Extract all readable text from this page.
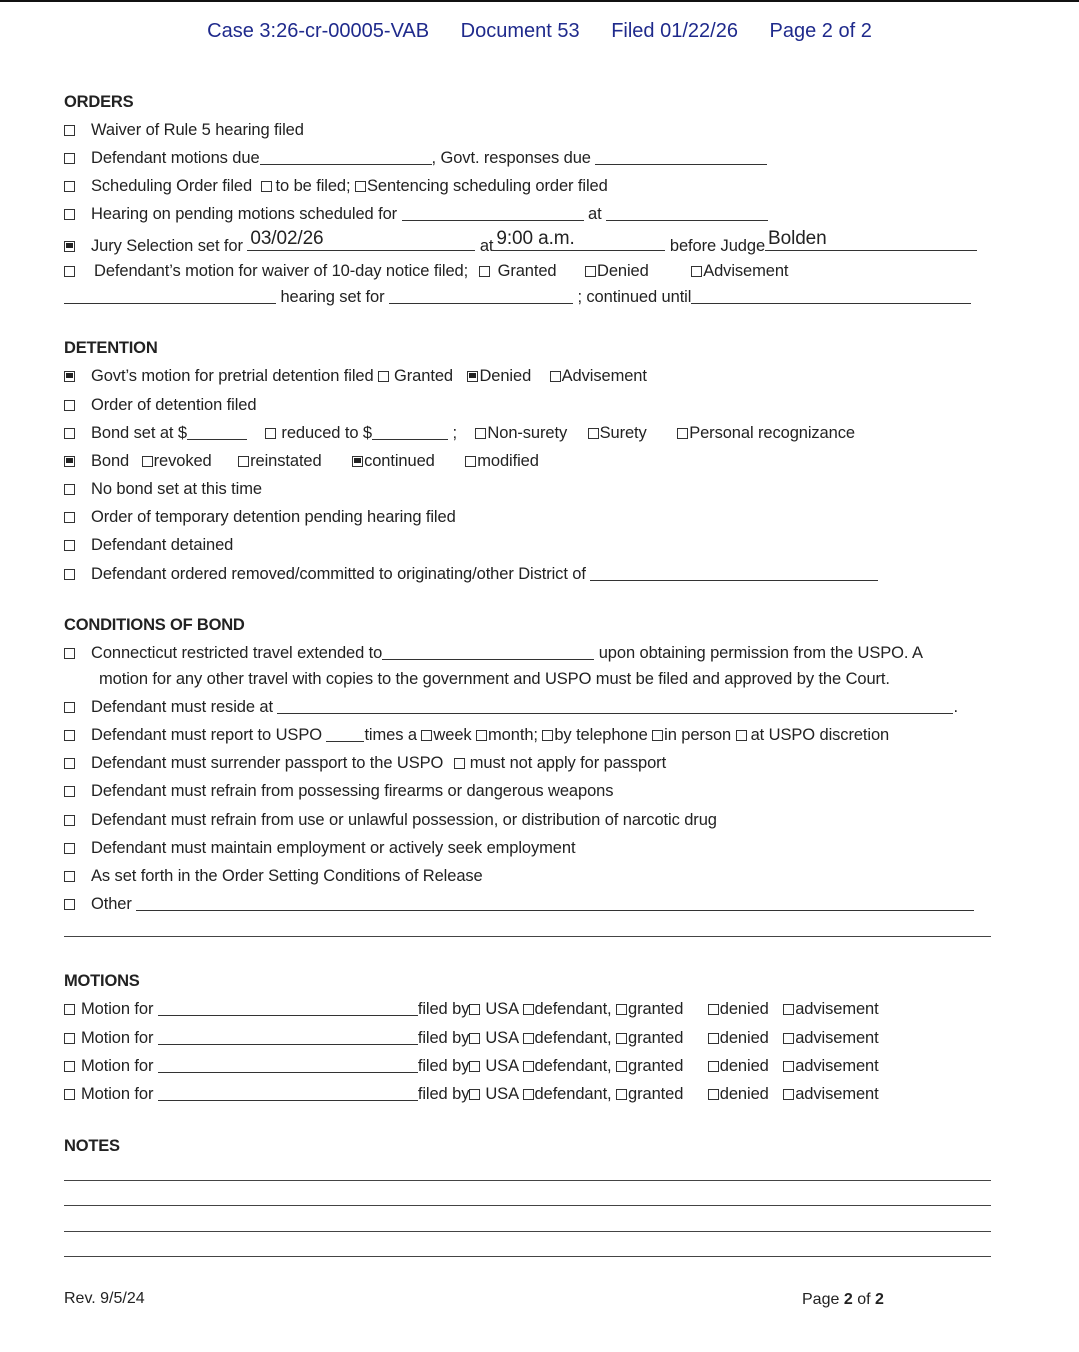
Case 3:26-cr-00005-VAB Document 53 Filed 01/22/26 Page 2 of 2
ORDERS
Waiver of Rule 5 hearing filed
Defendant motions due	, Govt. responses due
Scheduling Order filed to be filed; Sentencing scheduling order filed
Hearing on pending motions scheduled for	at
Jury Selection set for 03/02/26	at 9:00 a.m.	before Judge Bolden
Defendant’s motion for waiver of 10-day notice filed; Granted Denied	Advisement
hearing set for	; continued until
DETENTION
Govt’s motion for pretrial detention filed Granted Denied Advisement
Order of detention filed
Bond set at $	reduced to $	; Non-surety Surety	Personal recognizance
Bond revoked reinstated	continued	modified
No bond set at this time
Order of temporary detention pending hearing filed
Defendant detained
Defendant ordered removed/committed to originating/other District of
CONDITIONS OF BOND
Connecticut restricted travel extended to	upon obtaining permission from the USPO. A
motion for any other travel with copies to the government and USPO must be filed and approved by the Court.
Defendant must reside at	.
Defendant must report to USPO	times a week month; by telephone in person at USPO discretion
Defendant must surrender passport to the USPO must not apply for passport
Defendant must refrain from possessing firearms or dangerous weapons
Defendant must refrain from use or unlawful possession, or distribution of narcotic drug
Defendant must maintain employment or actively seek employment
As set forth in the Order Setting Conditions of Release
Other
MOTIONS
Motion for	filed by USA defendant, granted denied advisement
Motion for	filed by USA defendant, granted denied advisement
Motion for	filed by USA defendant, granted denied advisement
Motion for	filed by USA defendant, granted denied advisement
NOTES
Rev. 9/5/24	Page 2 of 2
